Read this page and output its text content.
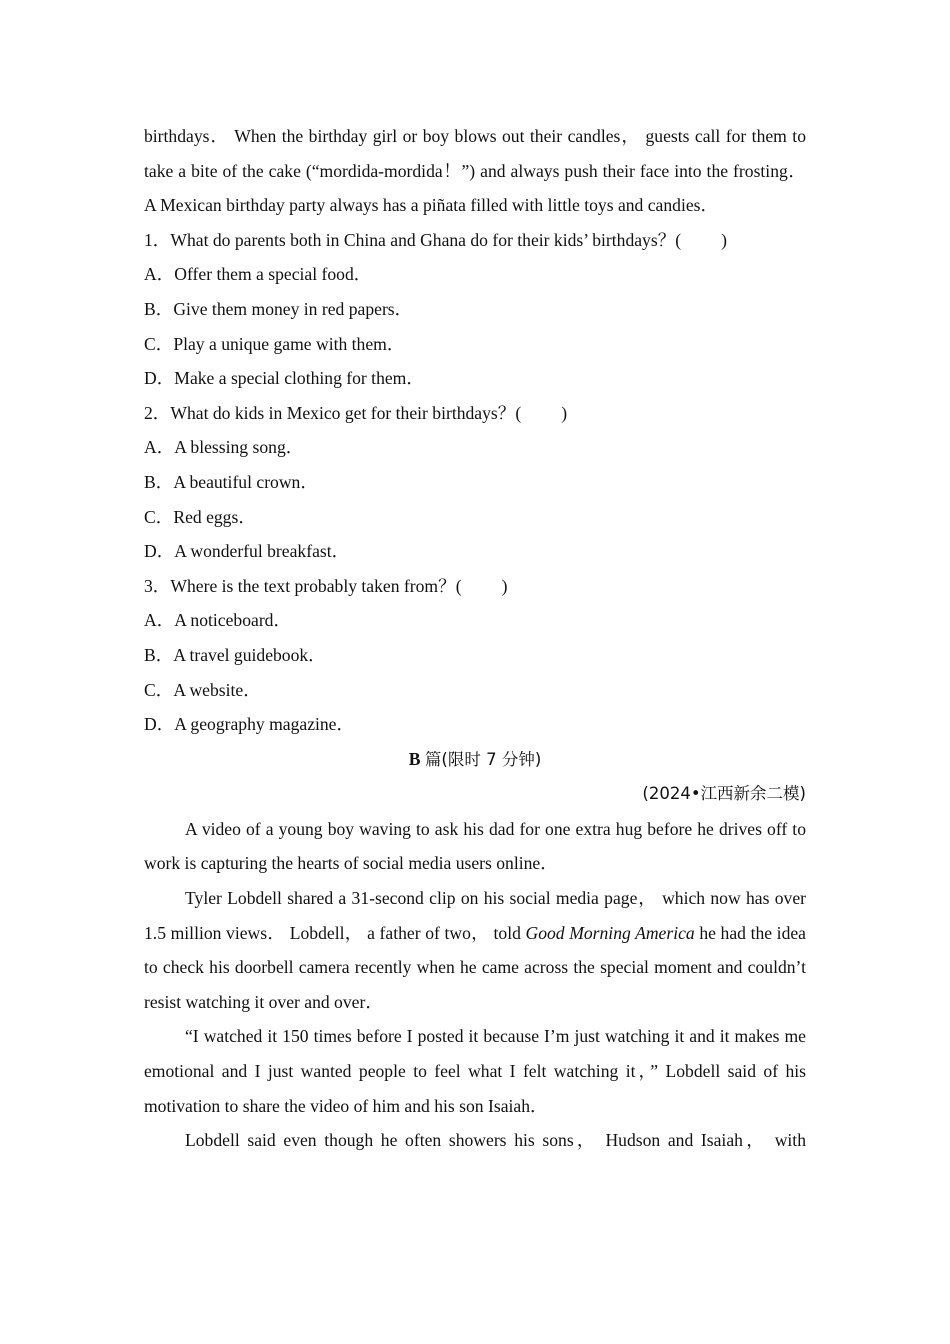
birthdays． When the birthday girl or boy blows out their candles， guests call for them to take a bite of the cake (“mordida-mordida！”) and always push their face into the frosting． A Mexican birthday party always has a piñata filled with little toys and candies．

1．What do parents both in China and Ghana do for their kids’ birthdays？( )

A．Offer them a special food．

B．Give them money in red papers．

C．Play a unique game with them．

D．Make a special clothing for them．

2．What do kids in Mexico get for their birthdays？( )

A．A blessing song．

B．A beautiful crown．

C．Red eggs．

D．A wonderful breakfast．

3．Where is the text probably taken from？( )

A．A noticeboard．

B．A travel guidebook．

C．A website．

D．A geography magazine．

B 篇(限时 7 分钟)

(2024•江西新余二模)

A video of a young boy waving to ask his dad for one extra hug before he drives off to work is capturing the hearts of social media users online．

Tyler Lobdell shared a 31-second clip on his social media page， which now has over 1.5 million views． Lobdell， a father of two， told Good Morning America he had the idea to check his doorbell camera recently when he came across the special moment and couldn’t resist watching it over and over．

“I watched it 150 times before I posted it because I’m just watching it and it makes me emotional and I just wanted people to feel what I felt watching it，” Lobdell said of his motivation to share the video of him and his son Isaiah．

Lobdell said even though he often showers his sons， Hudson and Isaiah， with
